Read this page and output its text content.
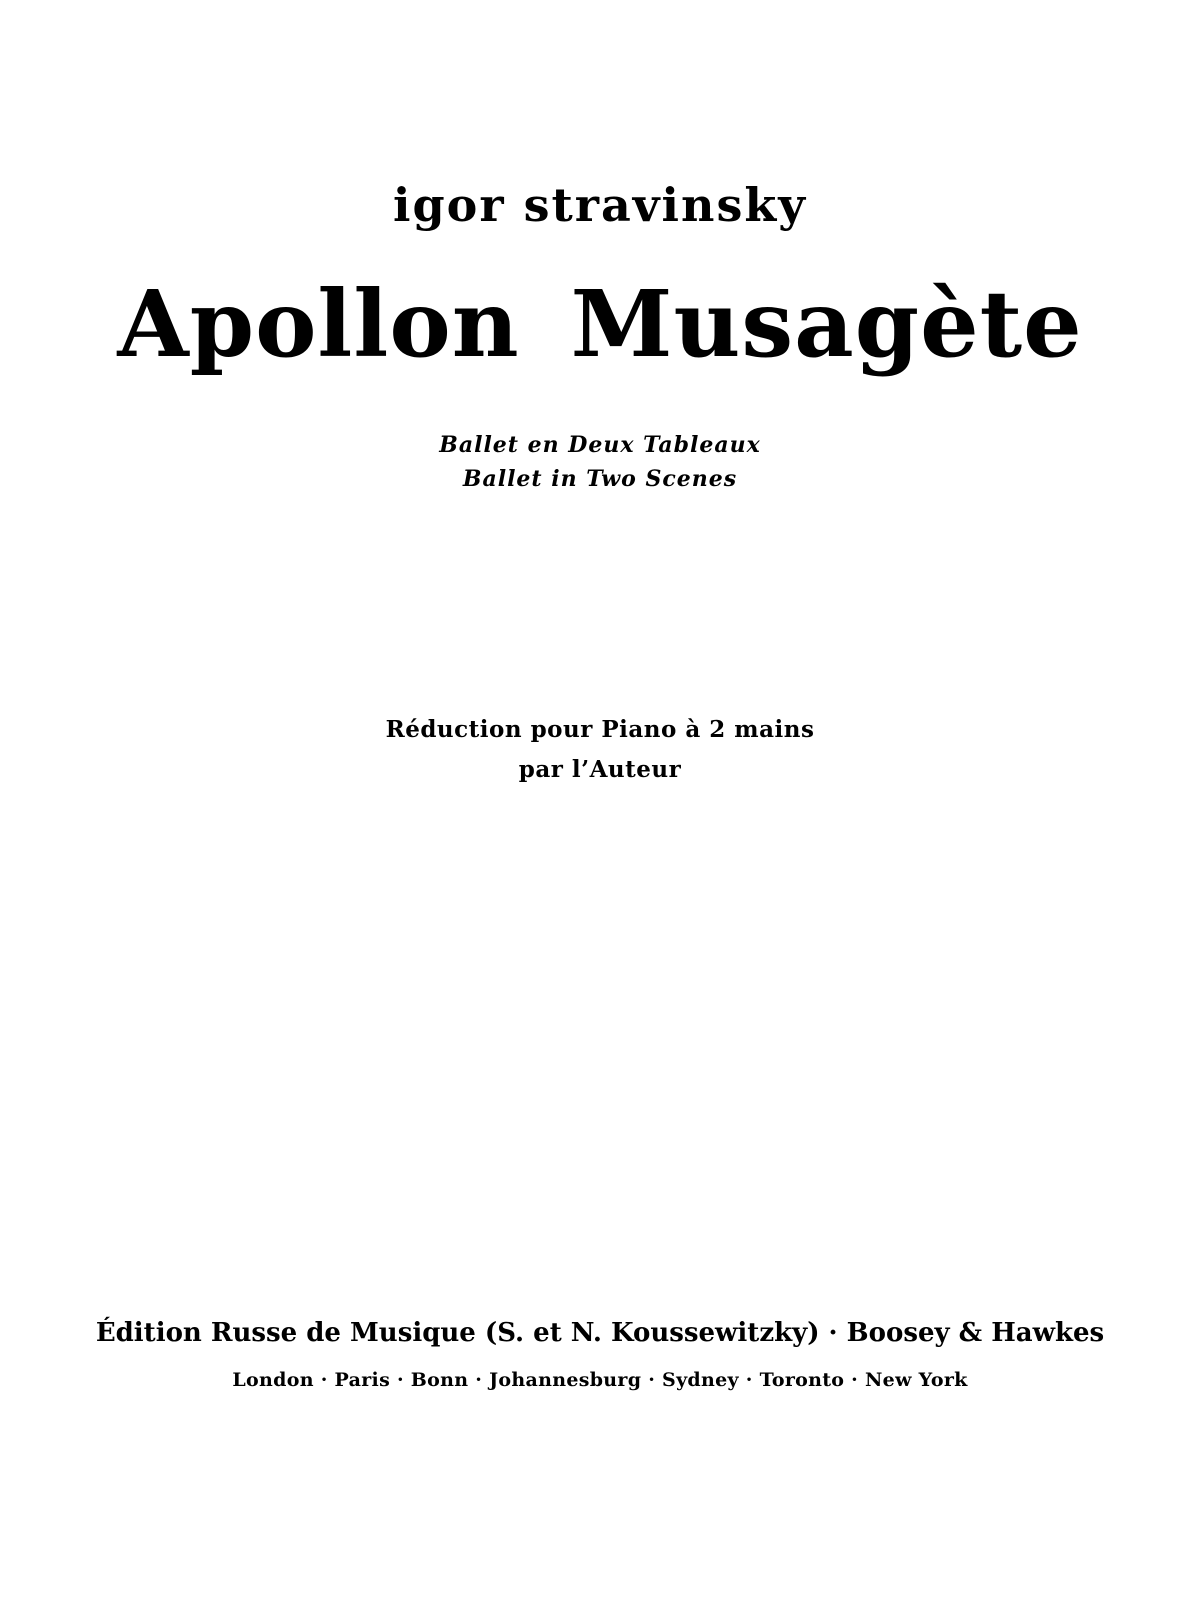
igor stravinsky
Apollon Musagète
Ballet en Deux Tableaux
Ballet in Two Scenes
Réduction pour Piano à 2 mains
par l’Auteur
Édition Russe de Musique (S. et N. Koussewitzky) · Boosey & Hawkes
London · Paris · Bonn · Johannesburg · Sydney · Toronto · New York
